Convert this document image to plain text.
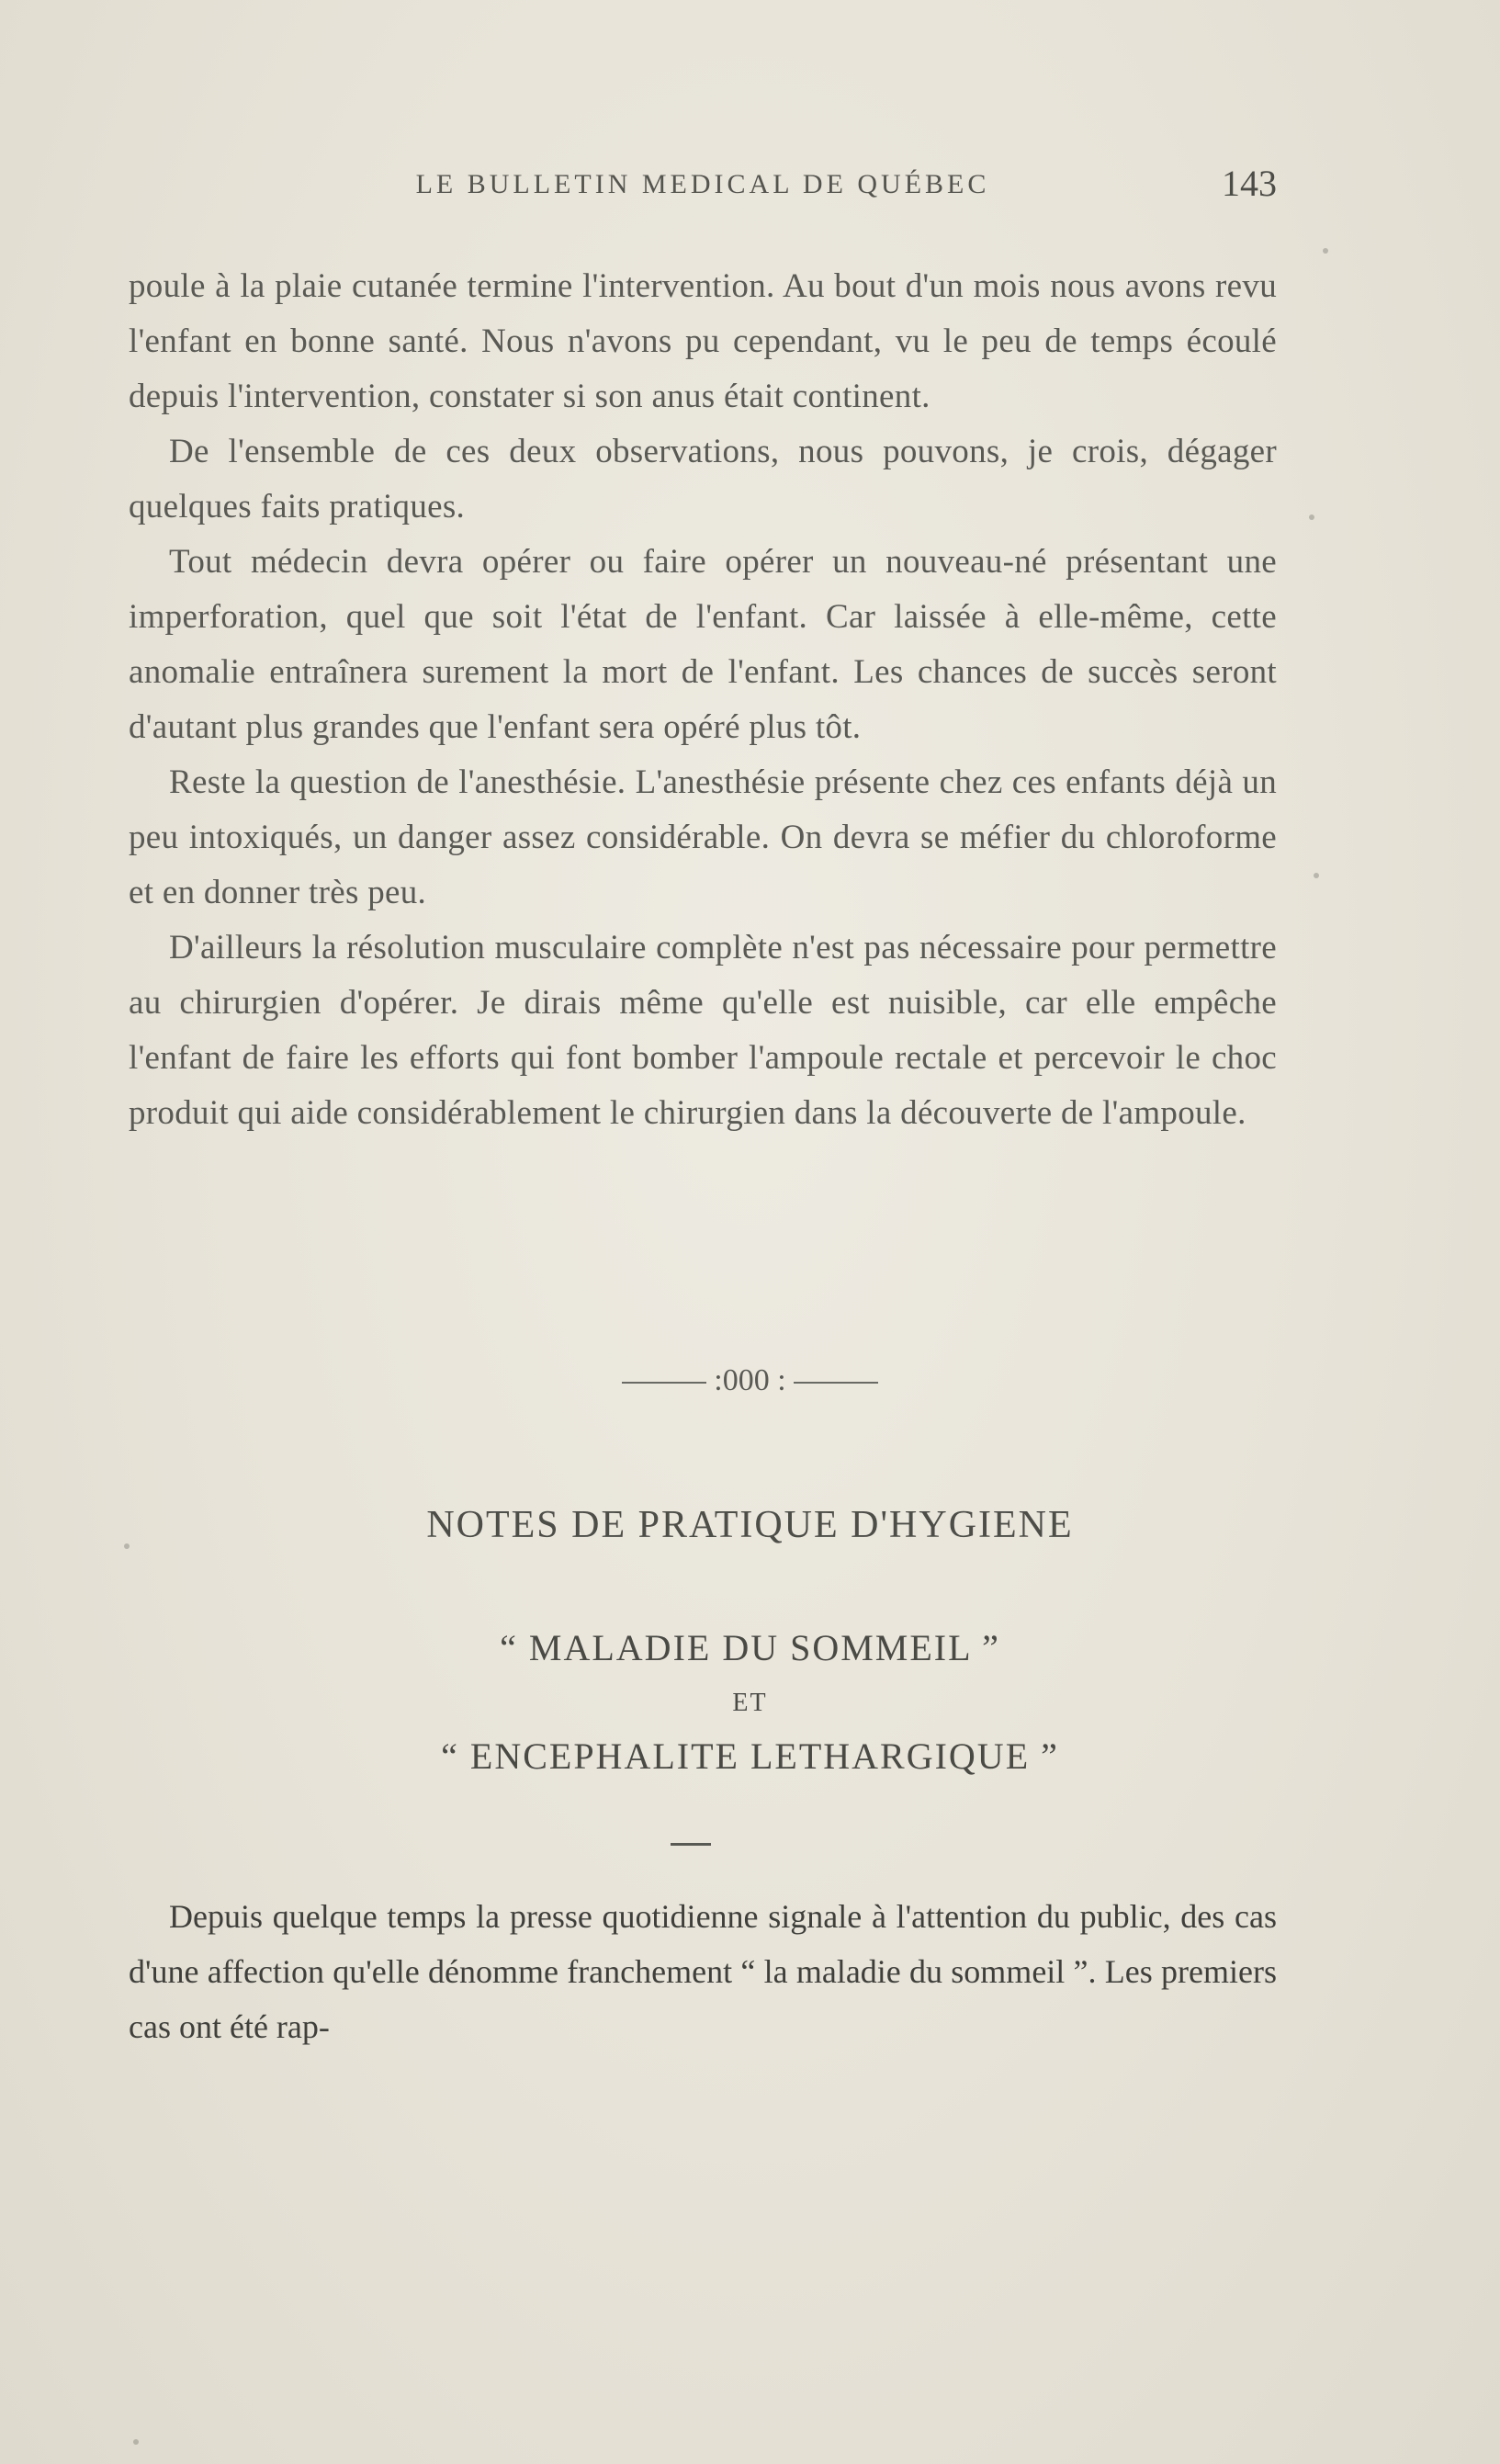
LE BULLETIN MEDICAL DE QUÉBEC	143

poule à la plaie cutanée termine l'intervention. Au bout d'un mois nous avons revu l'enfant en bonne santé. Nous n'avons pu cependant, vu le peu de temps écoulé depuis l'intervention, constater si son anus était continent.

De l'ensemble de ces deux observations, nous pouvons, je crois, dégager quelques faits pratiques.

Tout médecin devra opérer ou faire opérer un nouveau-né présentant une imperforation, quel que soit l'état de l'enfant. Car laissée à elle-même, cette anomalie entraînera surement la mort de l'enfant. Les chances de succès seront d'autant plus grandes que l'enfant sera opéré plus tôt.

Reste la question de l'anesthésie. L'anesthésie présente chez ces enfants déjà un peu intoxiqués, un danger assez considérable. On devra se méfier du chloroforme et en donner très peu.

D'ailleurs la résolution musculaire complète n'est pas nécessaire pour permettre au chirurgien d'opérer. Je dirais même qu'elle est nuisible, car elle empêche l'enfant de faire les efforts qui font bomber l'ampoule rectale et percevoir le choc produit qui aide considérablement le chirurgien dans la découverte de l'ampoule.

:000 :
NOTES DE PRATIQUE D'HYGIENE
“ MALADIE DU SOMMEIL ”
ET
“ ENCEPHALITE LETHARGIQUE ”

Depuis quelque temps la presse quotidienne signale à l'attention du public, des cas d'une affection qu'elle dénomme franchement “ la maladie du sommeil ”. Les premiers cas ont été rap-
